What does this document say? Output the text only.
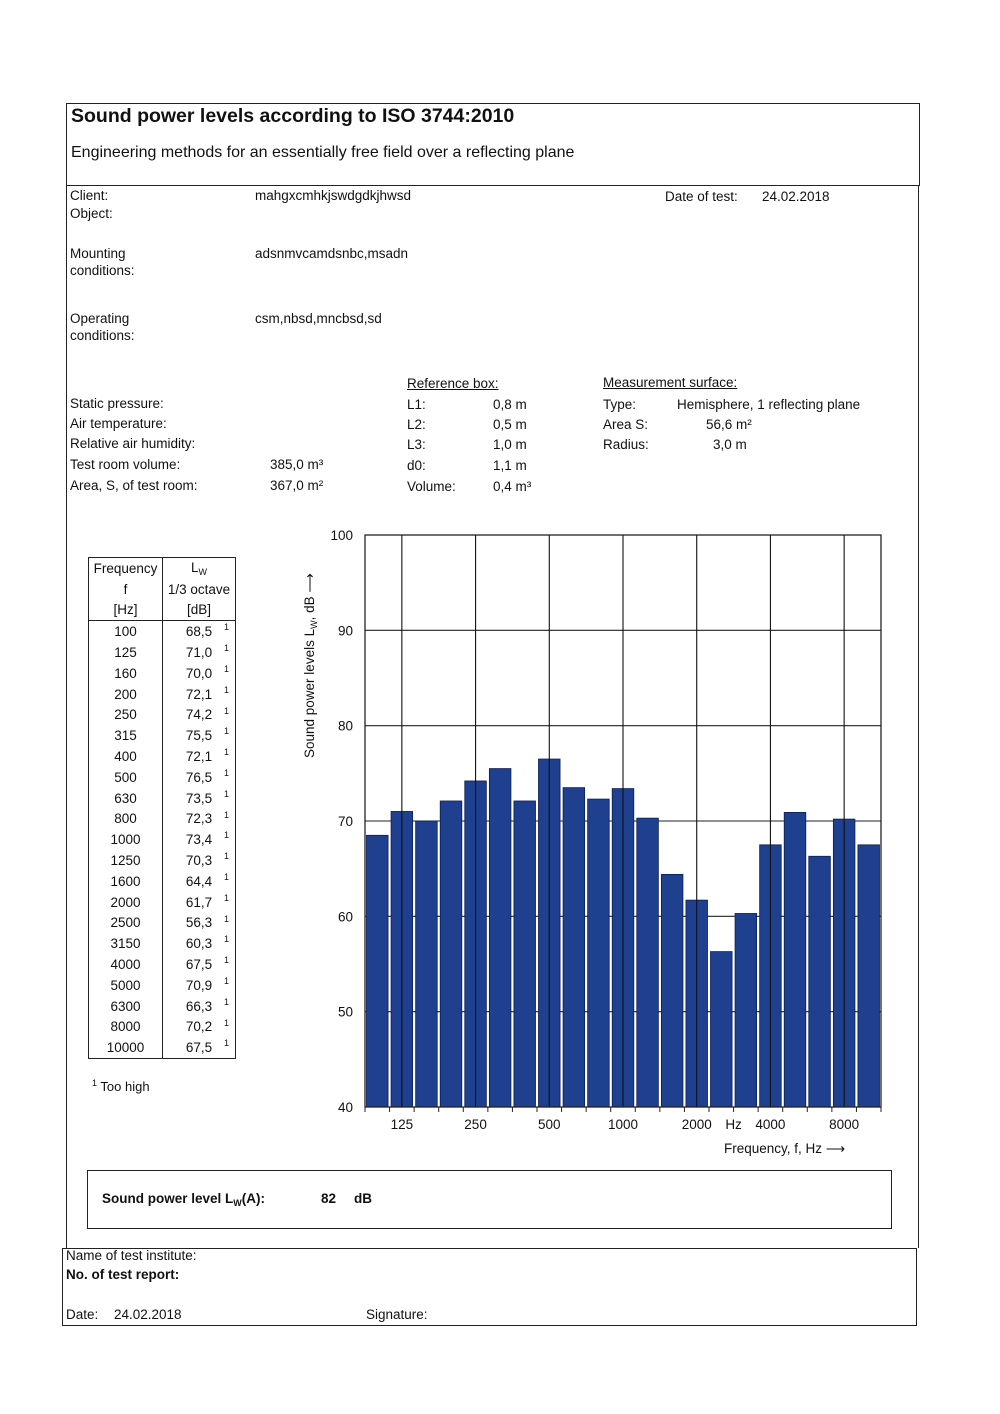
Sound power levels according to ISO 3744:2010
Engineering methods for an essentially free field over a reflecting plane
Client:	mahgxcmhkjswdgdkjhwsd
Object:
Date of test: 24.02.2018
Mounting
conditions:
adsnmvcamdsnbc,msadn
Operating
conditions:
csm,nbsd,mncbsd,sd
Static pressure:
Air temperature:
Relative air humidity:
Test room volume:	385,0 m³
Area, S, of test room:	367,0 m²
Reference box:
L1:	0,8 m
L2:	0,5 m
L3:	1,0 m
d0:	1,1 m
Volume:	0,4 m³
Measurement surface:
Type:	Hemisphere, 1 reflecting plane
Area S:	56,6 m²
Radius:	3,0 m
Frequency	$L_W$
f	1/3 octave
[Hz]	[dB]
100	68,5 1

125	71,0 1

160	70,0 1

200	72,1 1

250	74,2 1

315	75,5 1

400	72,1 1

500	76,5 1

630	73,5 1

800	72,3 1

1000	73,4 1

1250	70,3 1

1600	64,4 1

2000	61,7 1

2500	56,3 1

3150	60,3 1

4000	67,5 1

5000	70,9 1

6300	66,3 1

8000	70,2 1

10000	67,5 1
$^1$ Too high
40
50
60
70
80
90
100
125	250	500	1000	2000	4000	8000
Hz
Sound power levels $L_W$, dB ⟶
Frequency, f, Hz ⟶
Sound power level $L_W(A)$:	82 dB
Name of test institute:
No. of test report:
Date: 24.02.2018	Signature:
